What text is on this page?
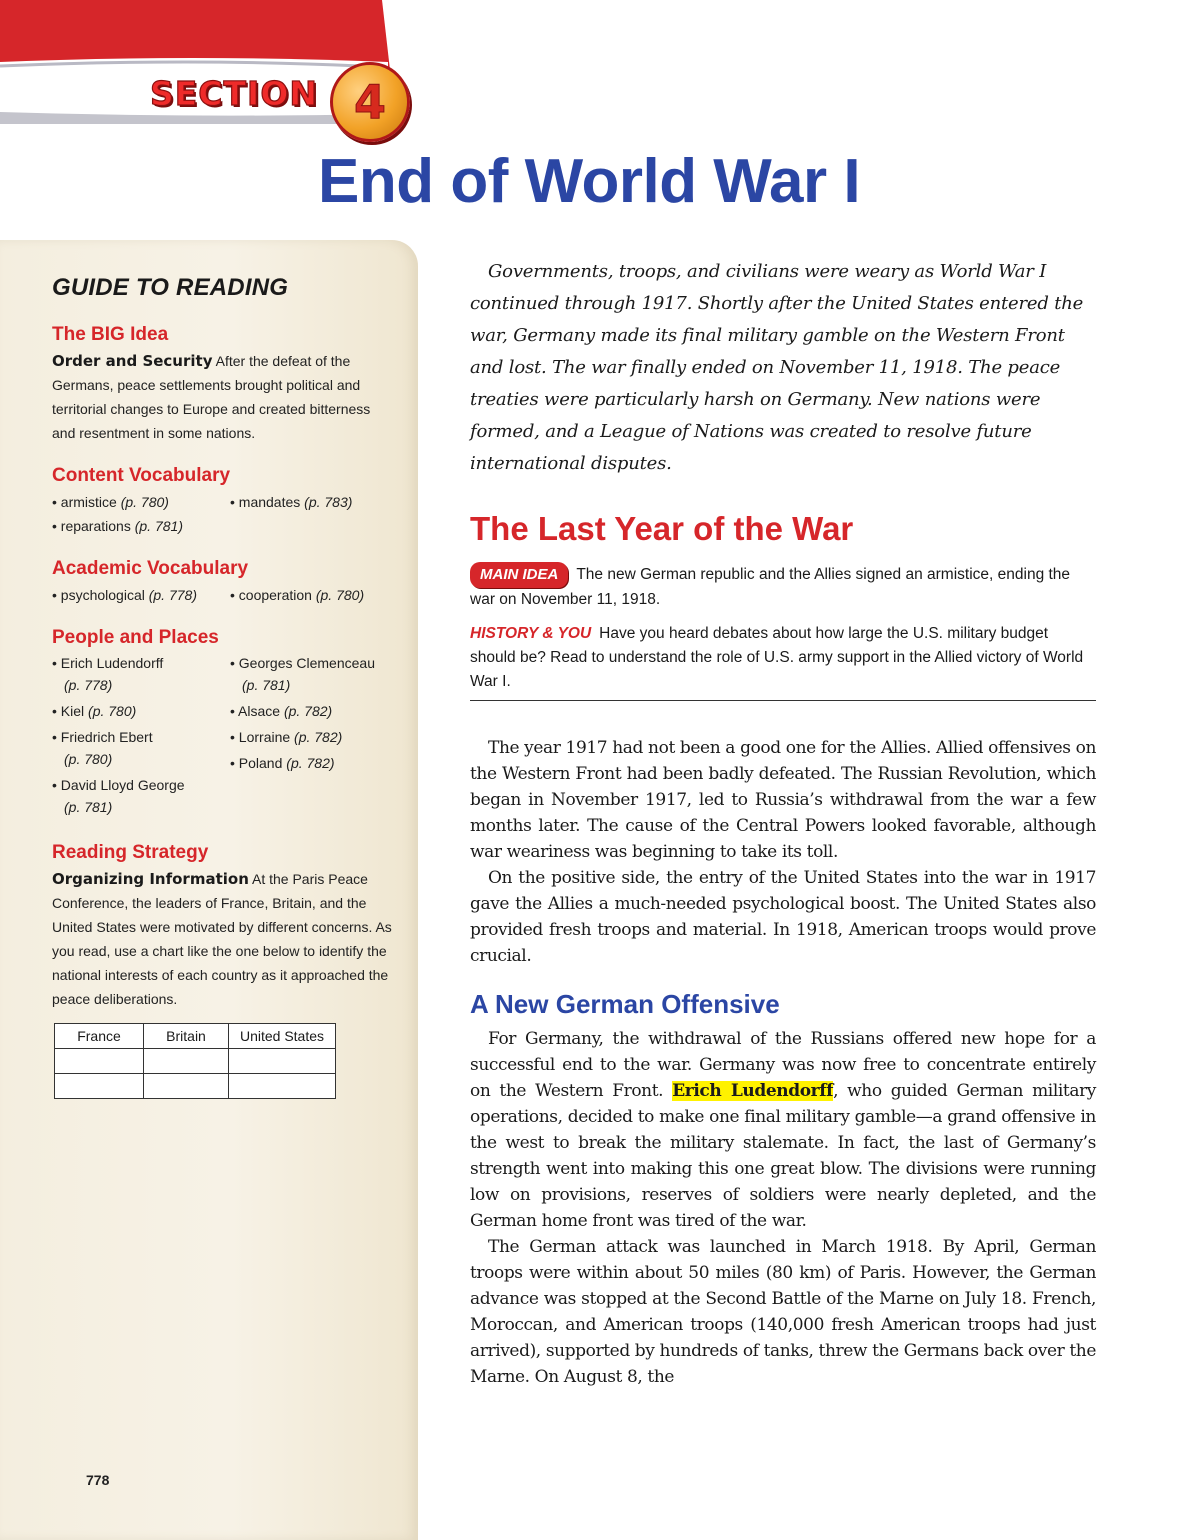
SECTION 4
End of World War I
GUIDE TO READING
The BIG Idea
Order and Security After the defeat of the Germans, peace settlements brought political and territorial changes to Europe and created bitterness and resentment in some nations.
Content Vocabulary
• armistice (p. 780)	• mandates (p. 783)
• reparations (p. 781)
Academic Vocabulary
• psychological (p. 778)	• cooperation (p. 780)
People and Places
• Erich Ludendorff
(p. 778)
• Kiel (p. 780)
• Friedrich Ebert
(p. 780)
• David Lloyd George
(p. 781)
• Georges Clemenceau
(p. 781)
• Alsace (p. 782)
• Lorraine (p. 782)
• Poland (p. 782)
Reading Strategy
Organizing Information At the Paris Peace Conference, the leaders of France, Britain, and the United States were motivated by different concerns. As you read, use a chart like the one below to identify the national interests of each country as it approached the peace deliberations.
France	Britain	United States

778

Governments, troops, and civilians were weary as World War I continued through 1917. Shortly after the United States entered the war, Germany made its final military gamble on the Western Front and lost. The war finally ended on November 11, 1918. The peace treaties were particularly harsh on Germany. New nations were formed, and a League of Nations was created to resolve future international disputes.

The Last Year of the War

MAIN IDEA The new German republic and the Allies signed an armistice, ending the war on November 11, 1918.

HISTORY & YOU Have you heard debates about how large the U.S. military budget should be? Read to understand the role of U.S. army support in the Allied victory of World War I.

The year 1917 had not been a good one for the Allies. Allied offensives on the Western Front had been badly defeated. The Russian Revolution, which began in November 1917, led to Russia’s withdrawal from the war a few months later. The cause of the Central Powers looked favorable, although war weariness was beginning to take its toll.

On the positive side, the entry of the United States into the war in 1917 gave the Allies a much-needed psychological boost. The United States also provided fresh troops and material. In 1918, American troops would prove crucial.

A New German Offensive

For Germany, the withdrawal of the Russians offered new hope for a successful end to the war. Germany was now free to concentrate entirely on the Western Front. Erich Ludendorff, who guided German military operations, decided to make one final military gamble—a grand offensive in the west to break the military stalemate. In fact, the last of Germany’s strength went into making this one great blow. The divisions were running low on provisions, reserves of soldiers were nearly depleted, and the German home front was tired of the war.

The German attack was launched in March 1918. By April, German troops were within about 50 miles (80 km) of Paris. However, the German advance was stopped at the Second Battle of the Marne on July 18. French, Moroccan, and American troops (140,000 fresh American troops had just arrived), supported by hundreds of tanks, threw the Germans back over the Marne. On August 8, the
